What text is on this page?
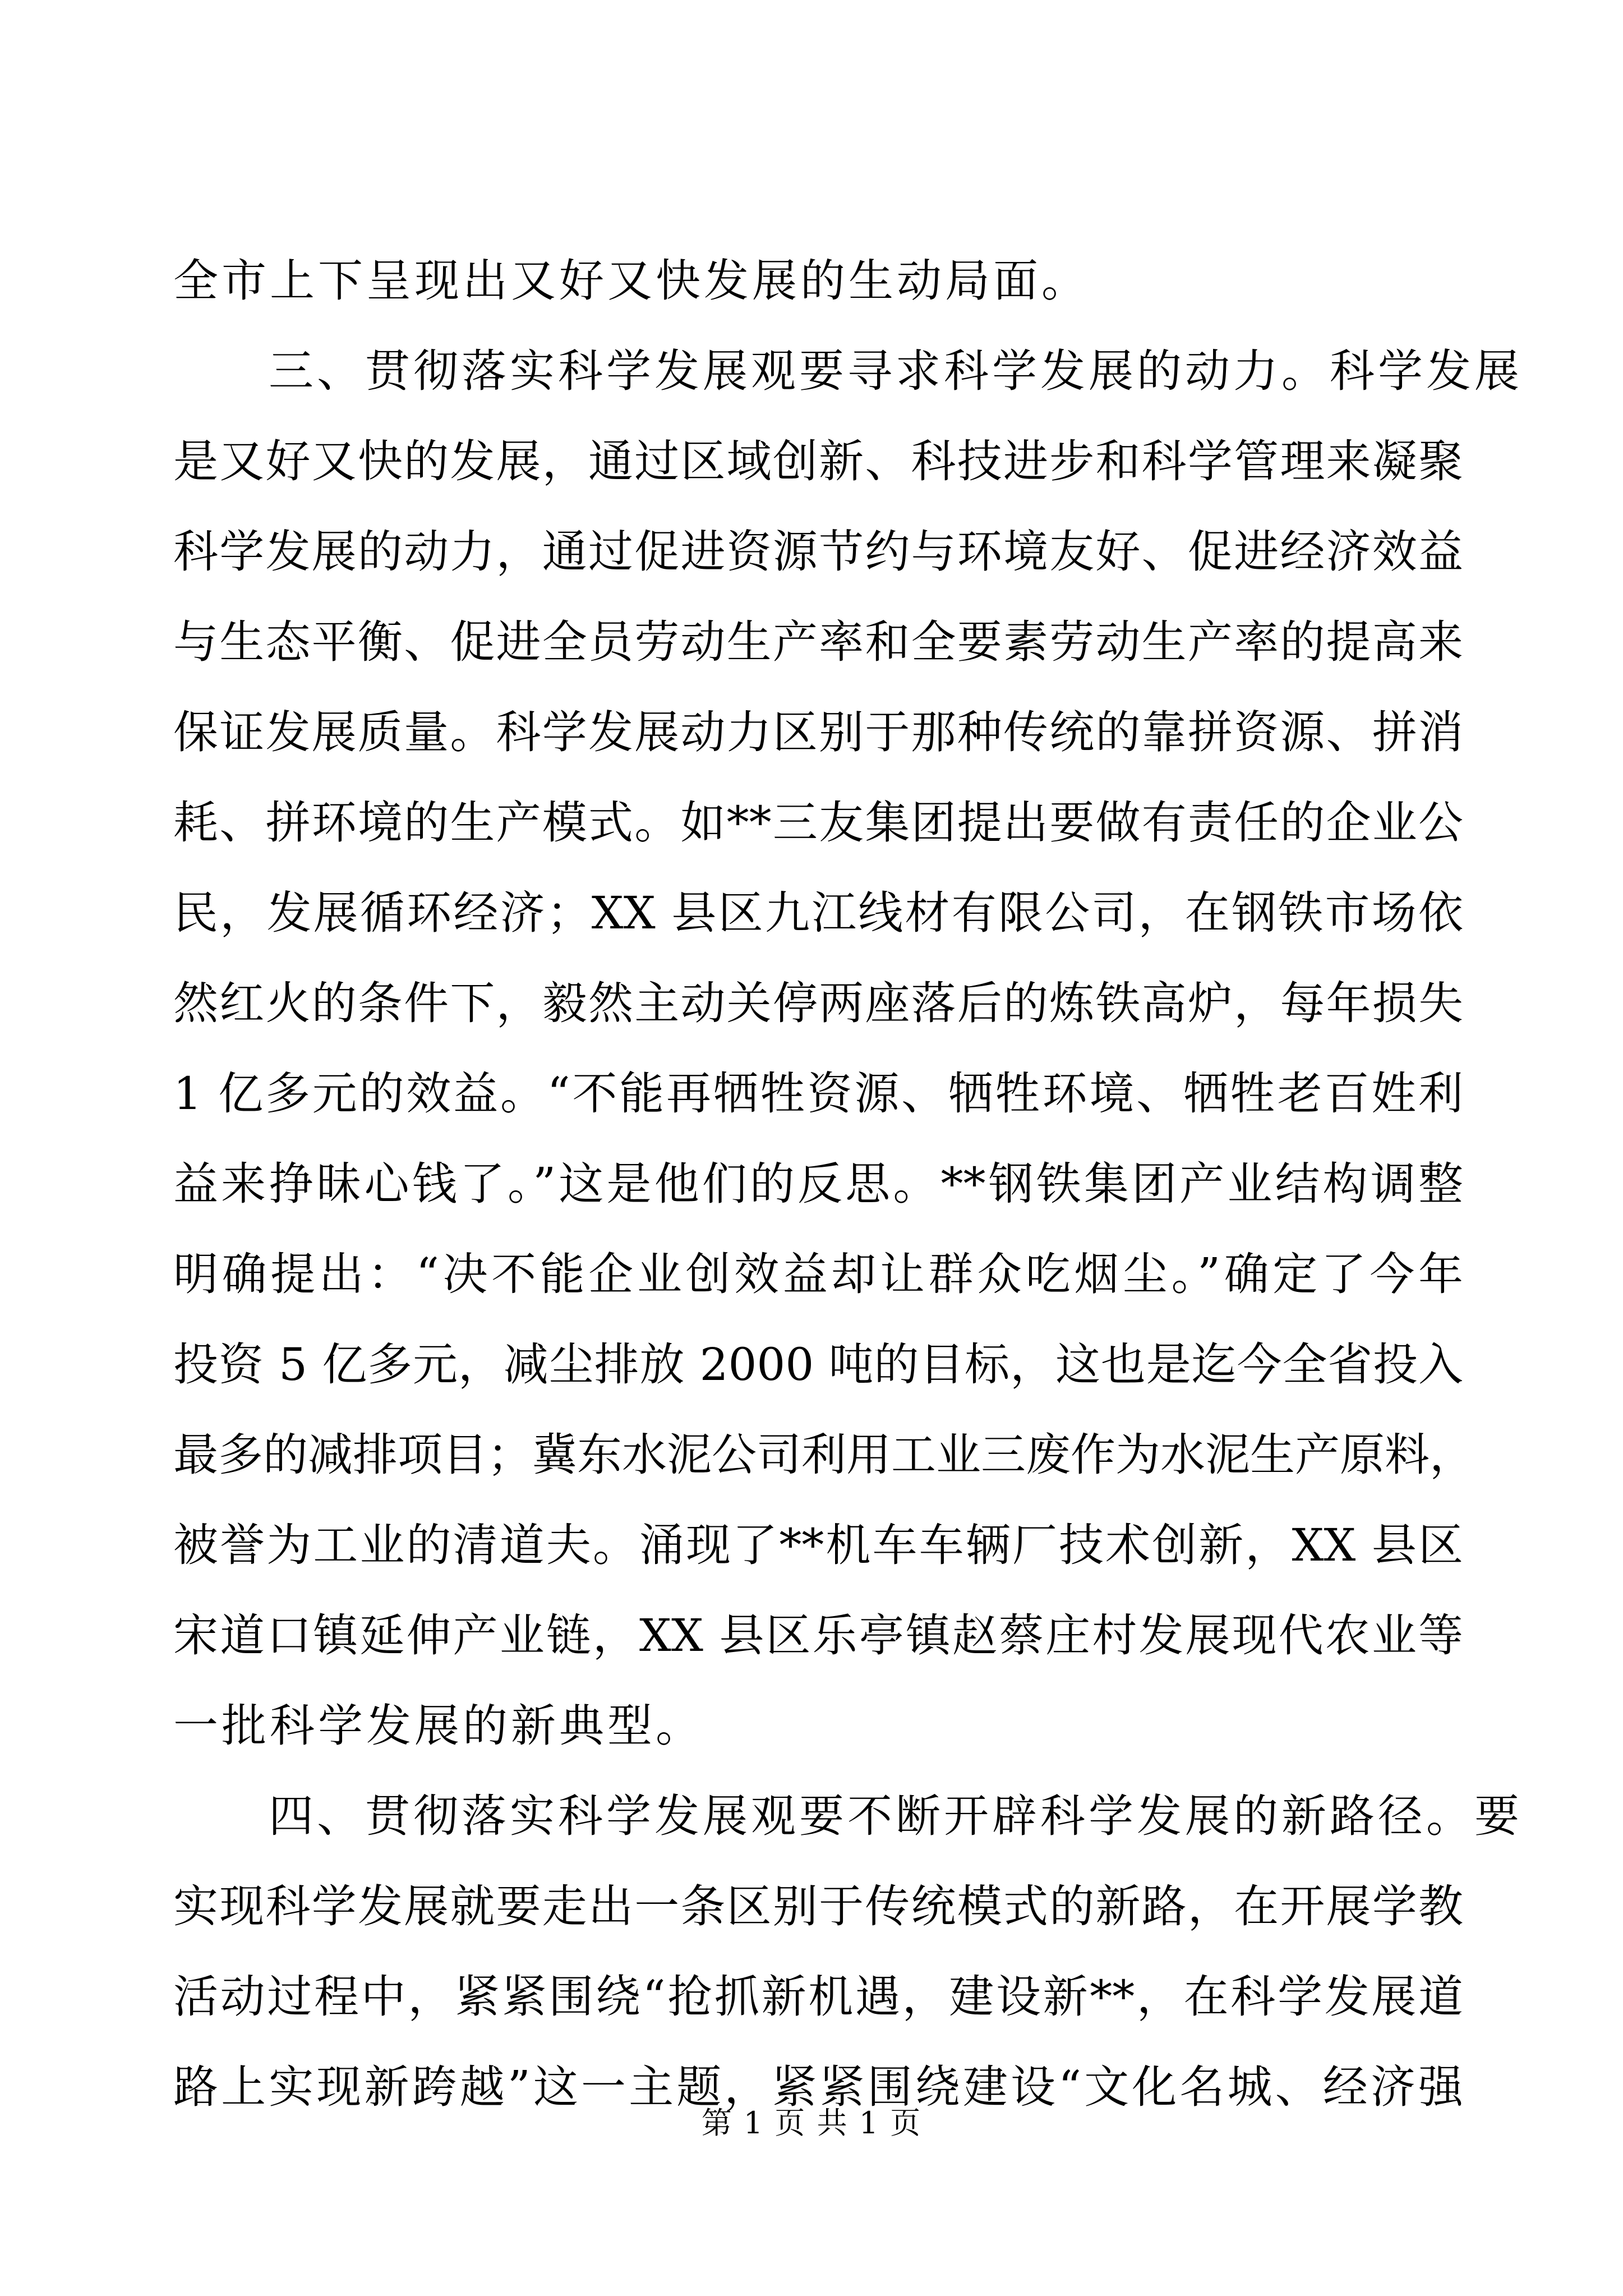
全市上下呈现出又好又快发展的生动局面。
三、贯彻落实科学发展观要寻求科学发展的动力。科学发展
是又好又快的发展，通过区域创新、科技进步和科学管理来凝聚
科学发展的动力，通过促进资源节约与环境友好、促进经济效益
与生态平衡、促进全员劳动生产率和全要素劳动生产率的提高来
保证发展质量。科学发展动力区别于那种传统的靠拼资源、拼消
耗、拼环境的生产模式。如**三友集团提出要做有责任的企业公
民，发展循环经济；XX 县区九江线材有限公司，在钢铁市场依
然红火的条件下，毅然主动关停两座落后的炼铁高炉，每年损失
1 亿多元的效益。“不能再牺牲资源、牺牲环境、牺牲老百姓利
益来挣昧心钱了。”这是他们的反思。**钢铁集团产业结构调整
明确提出：“决不能企业创效益却让群众吃烟尘。”确定了今年
投资 5 亿多元，减尘排放 2000 吨的目标，这也是迄今全省投入
最多的减排项目；冀东水泥公司利用工业三废作为水泥生产原料，
被誉为工业的清道夫。涌现了**机车车辆厂技术创新，XX 县区
宋道口镇延伸产业链，XX 县区乐亭镇赵蔡庄村发展现代农业等
一批科学发展的新典型。
四、贯彻落实科学发展观要不断开辟科学发展的新路径。要
实现科学发展就要走出一条区别于传统模式的新路，在开展学教
活动过程中，紧紧围绕“抢抓新机遇，建设新**，在科学发展道
路上实现新跨越”这一主题，紧紧围绕建设“文化名城、经济强
第 1 页 共 1 页
